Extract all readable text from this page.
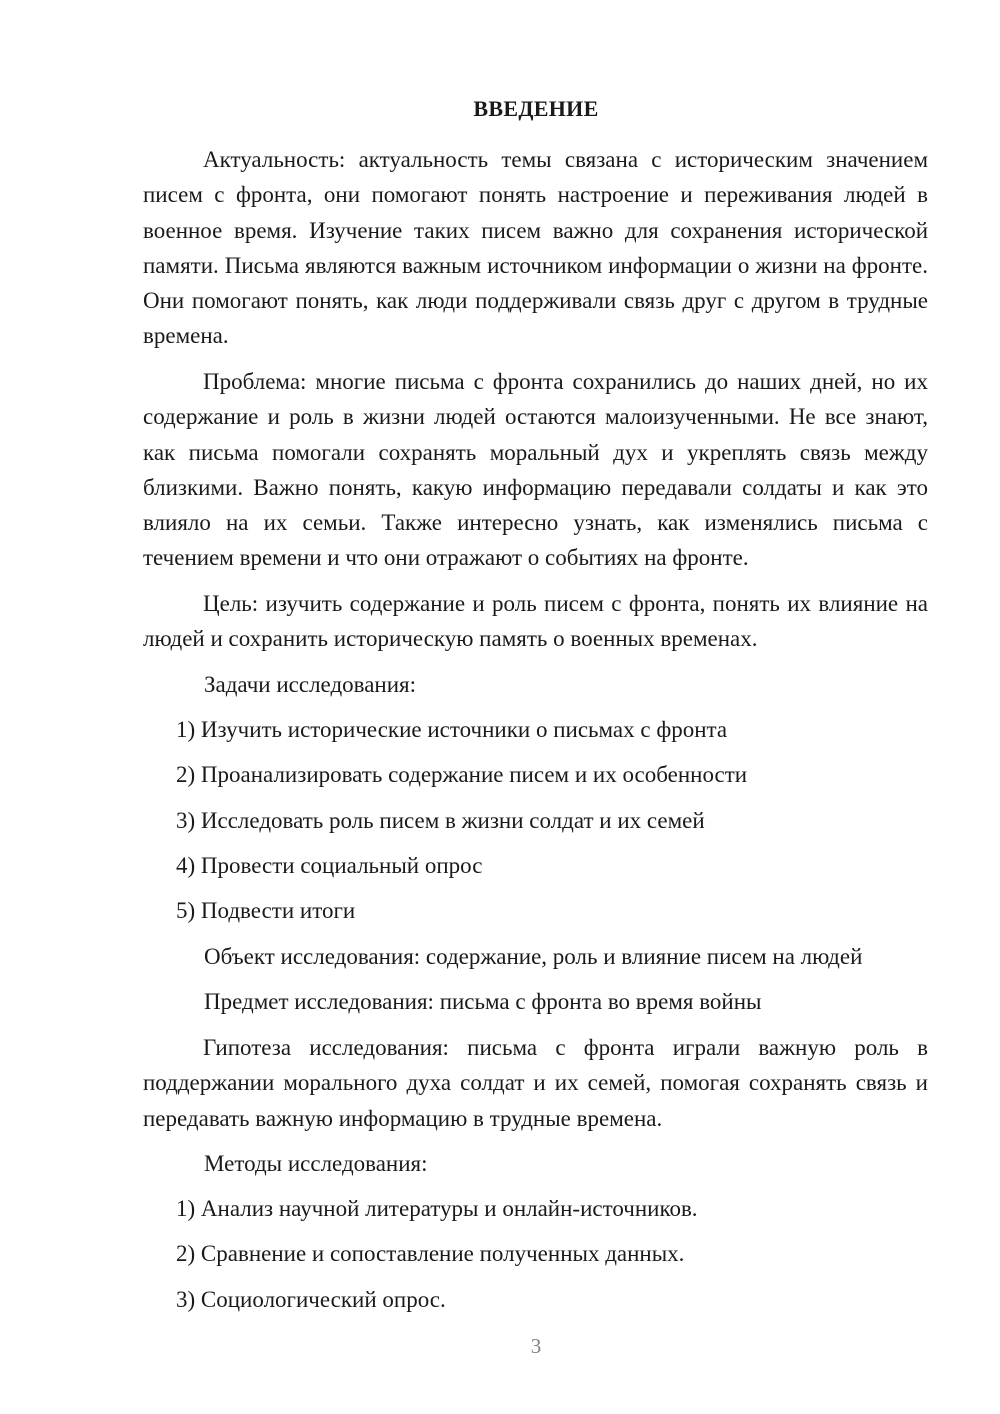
ВВЕДЕНИЕ

Актуальность: актуальность темы связана с историческим значением писем с фронта, они помогают понять настроение и переживания людей в военное время. Изучение таких писем важно для сохранения исторической памяти. Письма являются важным источником информации о жизни на фронте. Они помогают понять, как люди поддерживали связь друг с другом в трудные времена.

Проблема: многие письма с фронта сохранились до наших дней, но их содержание и роль в жизни людей остаются малоизученными. Не все знают, как письма помогали сохранять моральный дух и укреплять связь между близкими. Важно понять, какую информацию передавали солдаты и как это влияло на их семьи. Также интересно узнать, как изменялись письма с течением времени и что они отражают о событиях на фронте.

Цель: изучить содержание и роль писем с фронта, понять их влияние на людей и сохранить историческую память о военных временах.

Задачи исследования:

1) Изучить исторические источники о письмах с фронта

2) Проанализировать содержание писем и их особенности

3) Исследовать роль писем в жизни солдат и их семей

4) Провести социальный опрос

5) Подвести итоги

Объект исследования: содержание, роль и влияние писем на людей

Предмет исследования: письма с фронта во время войны

Гипотеза исследования: письма с фронта играли важную роль в поддержании морального духа солдат и их семей, помогая сохранять связь и передавать важную информацию в трудные времена.

Методы исследования:

1) Анализ научной литературы и онлайн-источников.

2) Сравнение и сопоставление полученных данных.

3) Социологический опрос.

3
